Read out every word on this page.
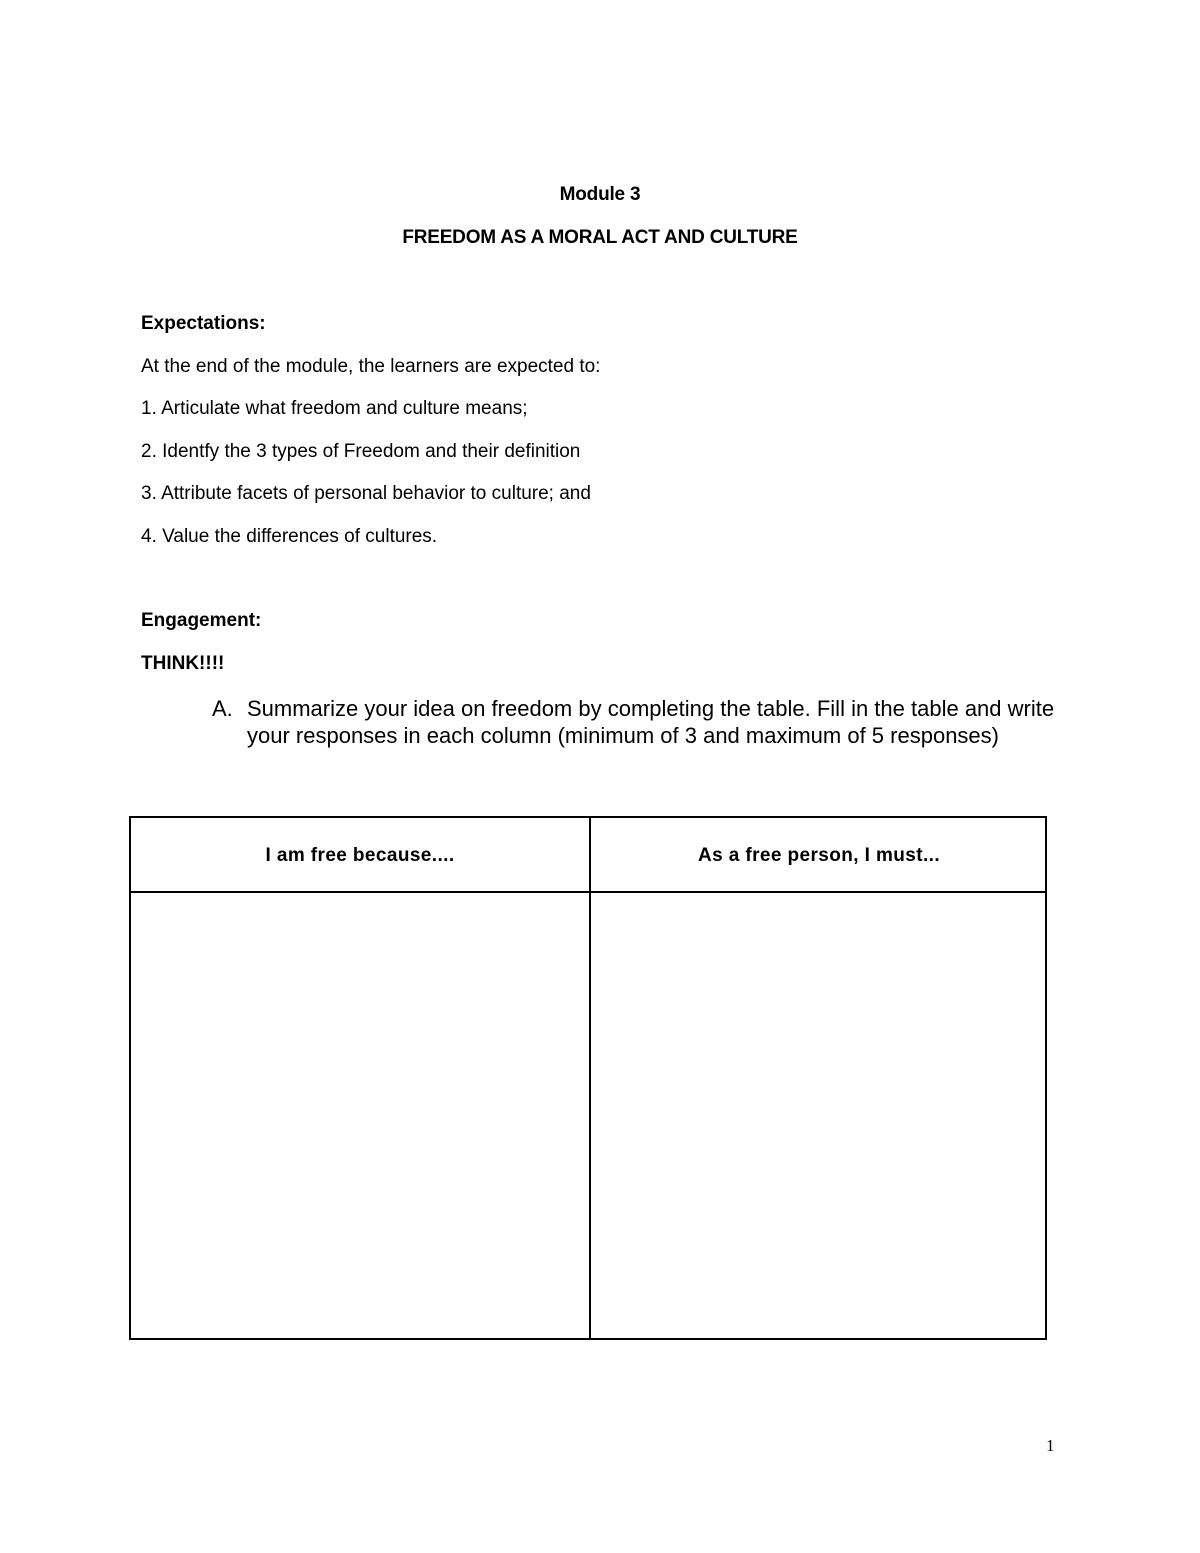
Module 3
FREEDOM AS A MORAL ACT AND CULTURE
Expectations:
At the end of the module, the learners are expected to:
1. Articulate what freedom and culture means;
2. Identfy the 3 types of Freedom and their definition
3. Attribute facets of personal behavior to culture; and
4. Value the differences of cultures.
Engagement:
THINK!!!!
A. Summarize your idea on freedom by completing the table. Fill in the table and write your responses in each column (minimum of 3 and maximum of 5 responses)
I am free because....	As a free person, I must...
1
